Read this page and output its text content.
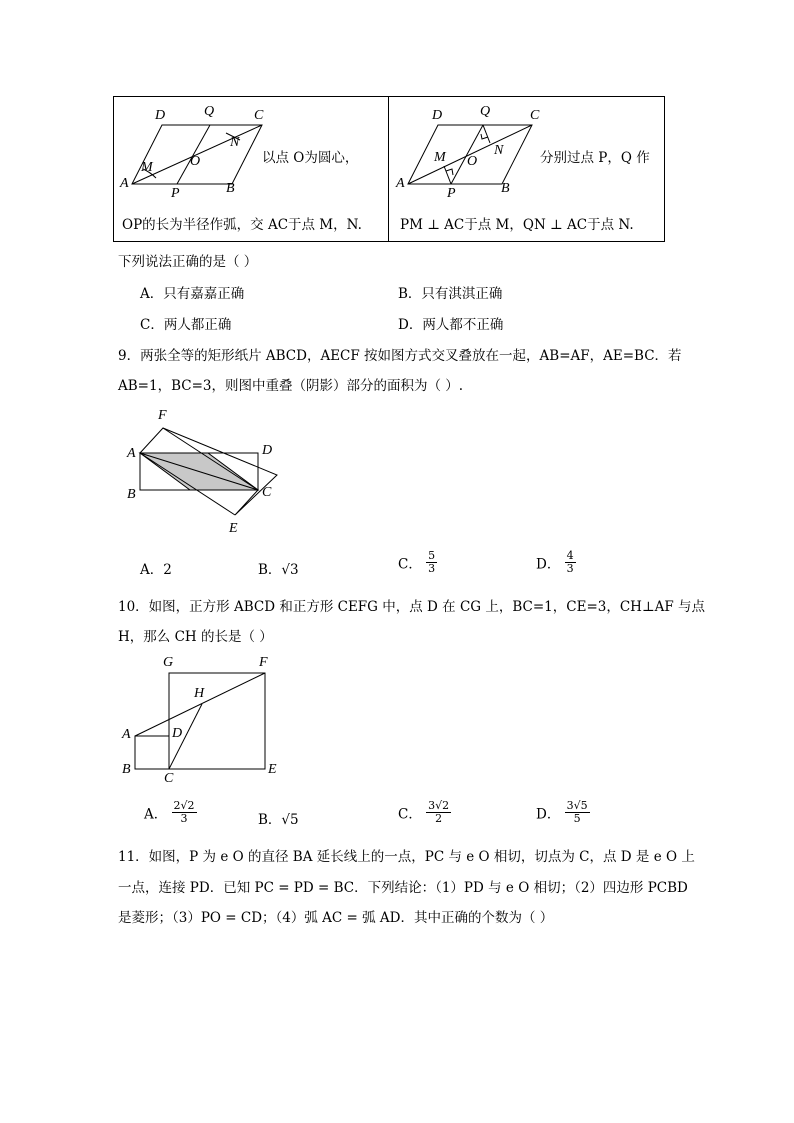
D	Q	C
N
O
M
A
P	B
以点 O为圆心，
OP的长为半径作弧，交 AC于点 M，N.
D	Q	C
N
O
M
A
P	B
分别过点 P，Q 作
PM ⊥ AC于点 M，QN ⊥ AC于点 N.
下列说法正确的是（ ）
A．只有嘉嘉正确	B．只有淇淇正确
C．两人都正确	D．两人都不正确
9．两张全等的矩形纸片 ABCD，AECF 按如图方式交叉叠放在一起，AB=AF，AE=BC．若
AB=1，BC=3，则图中重叠（阴影）部分的面积为（ ）.
F
A	D
B	C
E
A．2	B．√3	C． $\frac{5}{3}$	D． $\frac{4}{3}$
10．如图，正方形 ABCD 和正方形 CEFG 中，点 D 在 CG 上，BC=1，CE=3，CH⊥AF 与点
H，那么 CH 的长是（ ）
G	F
H
A	D
B
C
E
A． $\frac{2√2}{3}$	B．√5	C． $\frac{3√2}{2}$	D． $\frac{3√5}{5}$
11．如图，P 为 e O 的直径 BA 延长线上的一点，PC 与 e O 相切，切点为 C，点 D 是 e O 上
一点，连接 PD．已知 PC = PD = BC．下列结论：（1）PD 与 e O 相切；（2）四边形 PCBD
是菱形；（3）PO = CD；（4）弧 AC = 弧 AD．其中正确的个数为（ ）
